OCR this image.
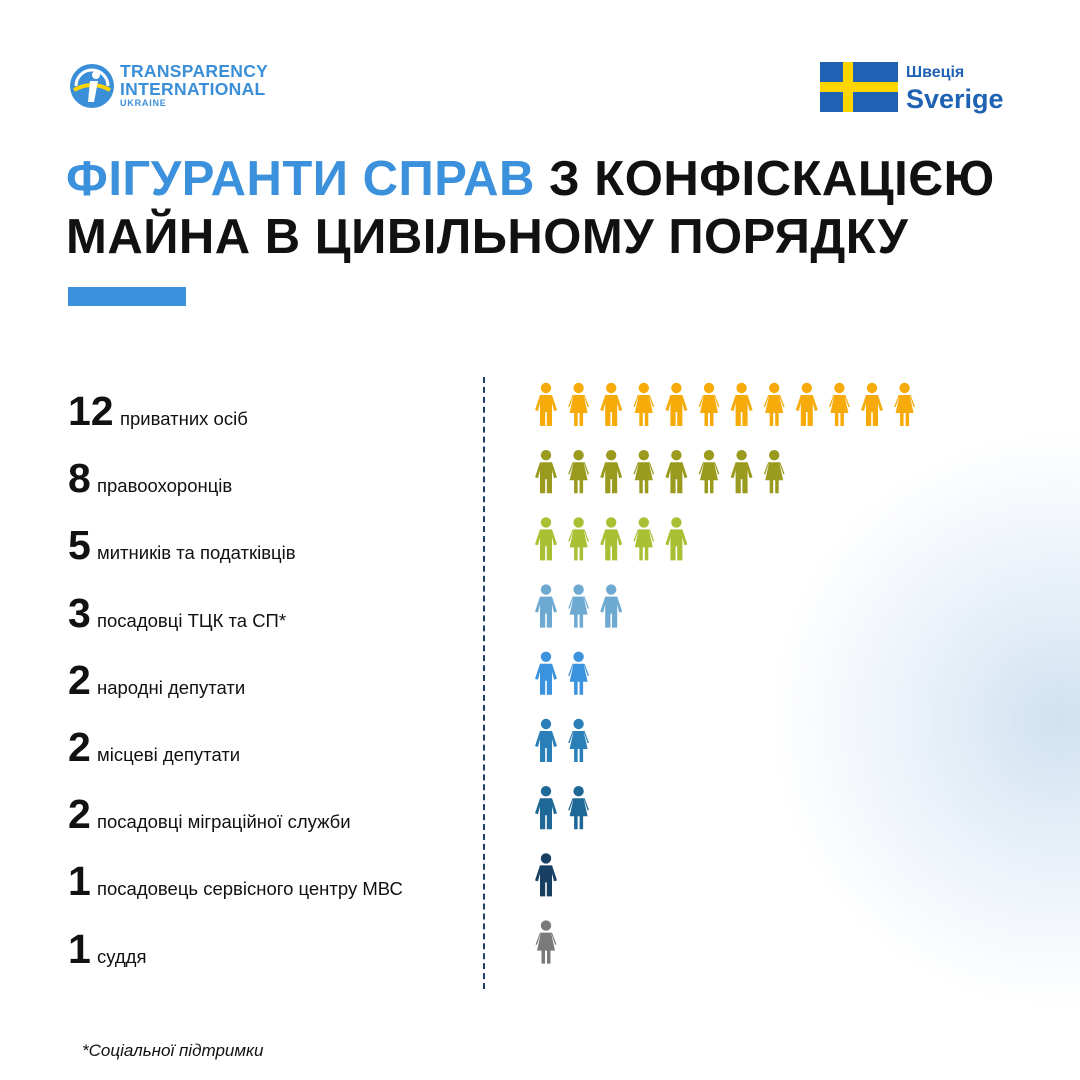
TRANSPARENCY
INTERNATIONAL
UKRAINE
Швеція
Sverige
ФІГУРАНТИ СПРАВ З КОНФІСКАЦІЄЮ
МАЙНА В ЦИВІЛЬНОМУ ПОРЯДКУ
12 приватних осіб
8 правоохоронців
5 митників та податківців
3 посадовці ТЦК та СП*
2 народні депутати
2 місцеві депутати
2 посадовці міграційної служби
1 посадовець сервісного центру МВС
1 суддя
*Соціальної підтримки
